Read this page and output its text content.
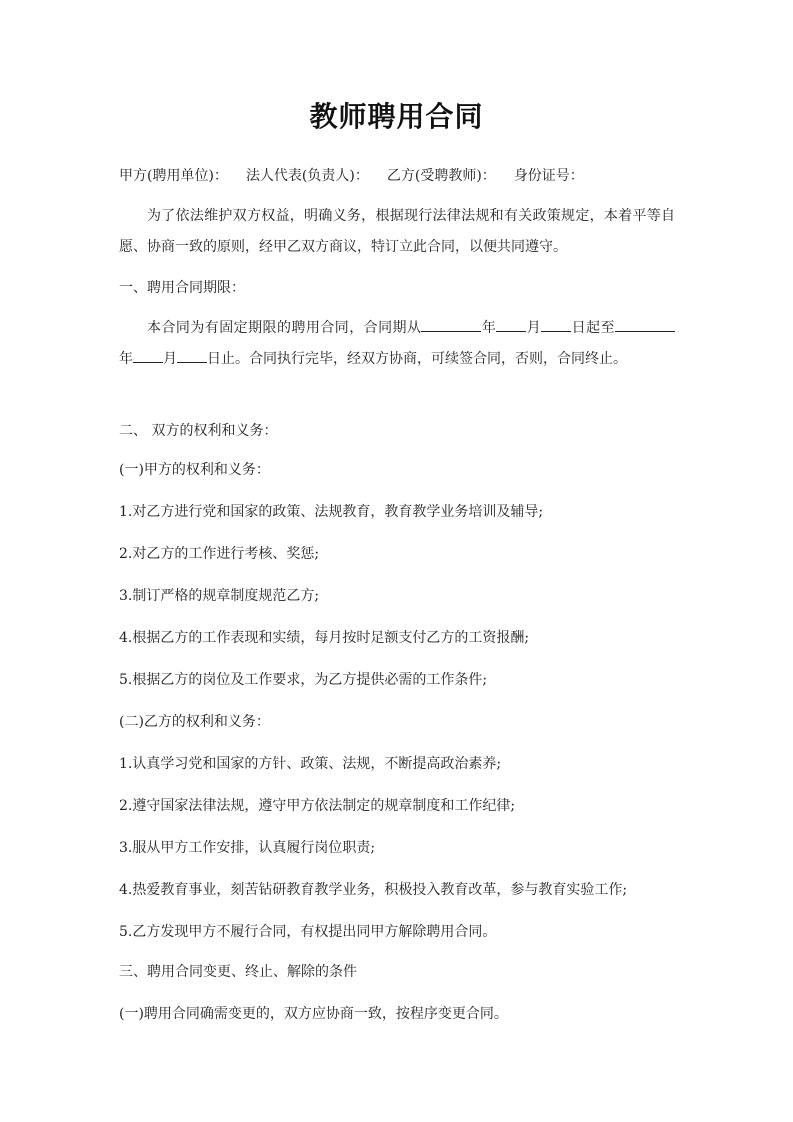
教师聘用合同
甲方(聘用单位)： 法人代表(负责人)： 乙方(受聘教师)： 身份证号：
为了依法维护双方权益，明确义务，根据现行法律法规和有关政策规定，本着平等自愿、协商一致的原则，经甲乙双方商议，特订立此合同，以便共同遵守。
一、聘用合同期限：
本合同为有固定期限的聘用合同，合同期从	年 月 日起至年 月 日止。合同执行完毕，经双方协商，可续签合同，否则，合同终止。
二、 双方的权利和义务：
(一)甲方的权利和义务：
1.对乙方进行党和国家的政策、法规教育，教育教学业务培训及辅导;
2.对乙方的工作进行考核、奖惩;
3.制订严格的规章制度规范乙方;
4.根据乙方的工作表现和实绩，每月按时足额支付乙方的工资报酬;
5.根据乙方的岗位及工作要求，为乙方提供必需的工作条件;
(二)乙方的权利和义务：
1.认真学习党和国家的方针、政策、法规，不断提高政治素养;
2.遵守国家法律法规，遵守甲方依法制定的规章制度和工作纪律;
3.服从甲方工作安排，认真履行岗位职责;
4.热爱教育事业，刻苦钻研教育教学业务，积极投入教育改革，参与教育实验工作;
5.乙方发现甲方不履行合同，有权提出同甲方解除聘用合同。
三、聘用合同变更、终止、解除的条件
(一)聘用合同确需变更的，双方应协商一致，按程序变更合同。
